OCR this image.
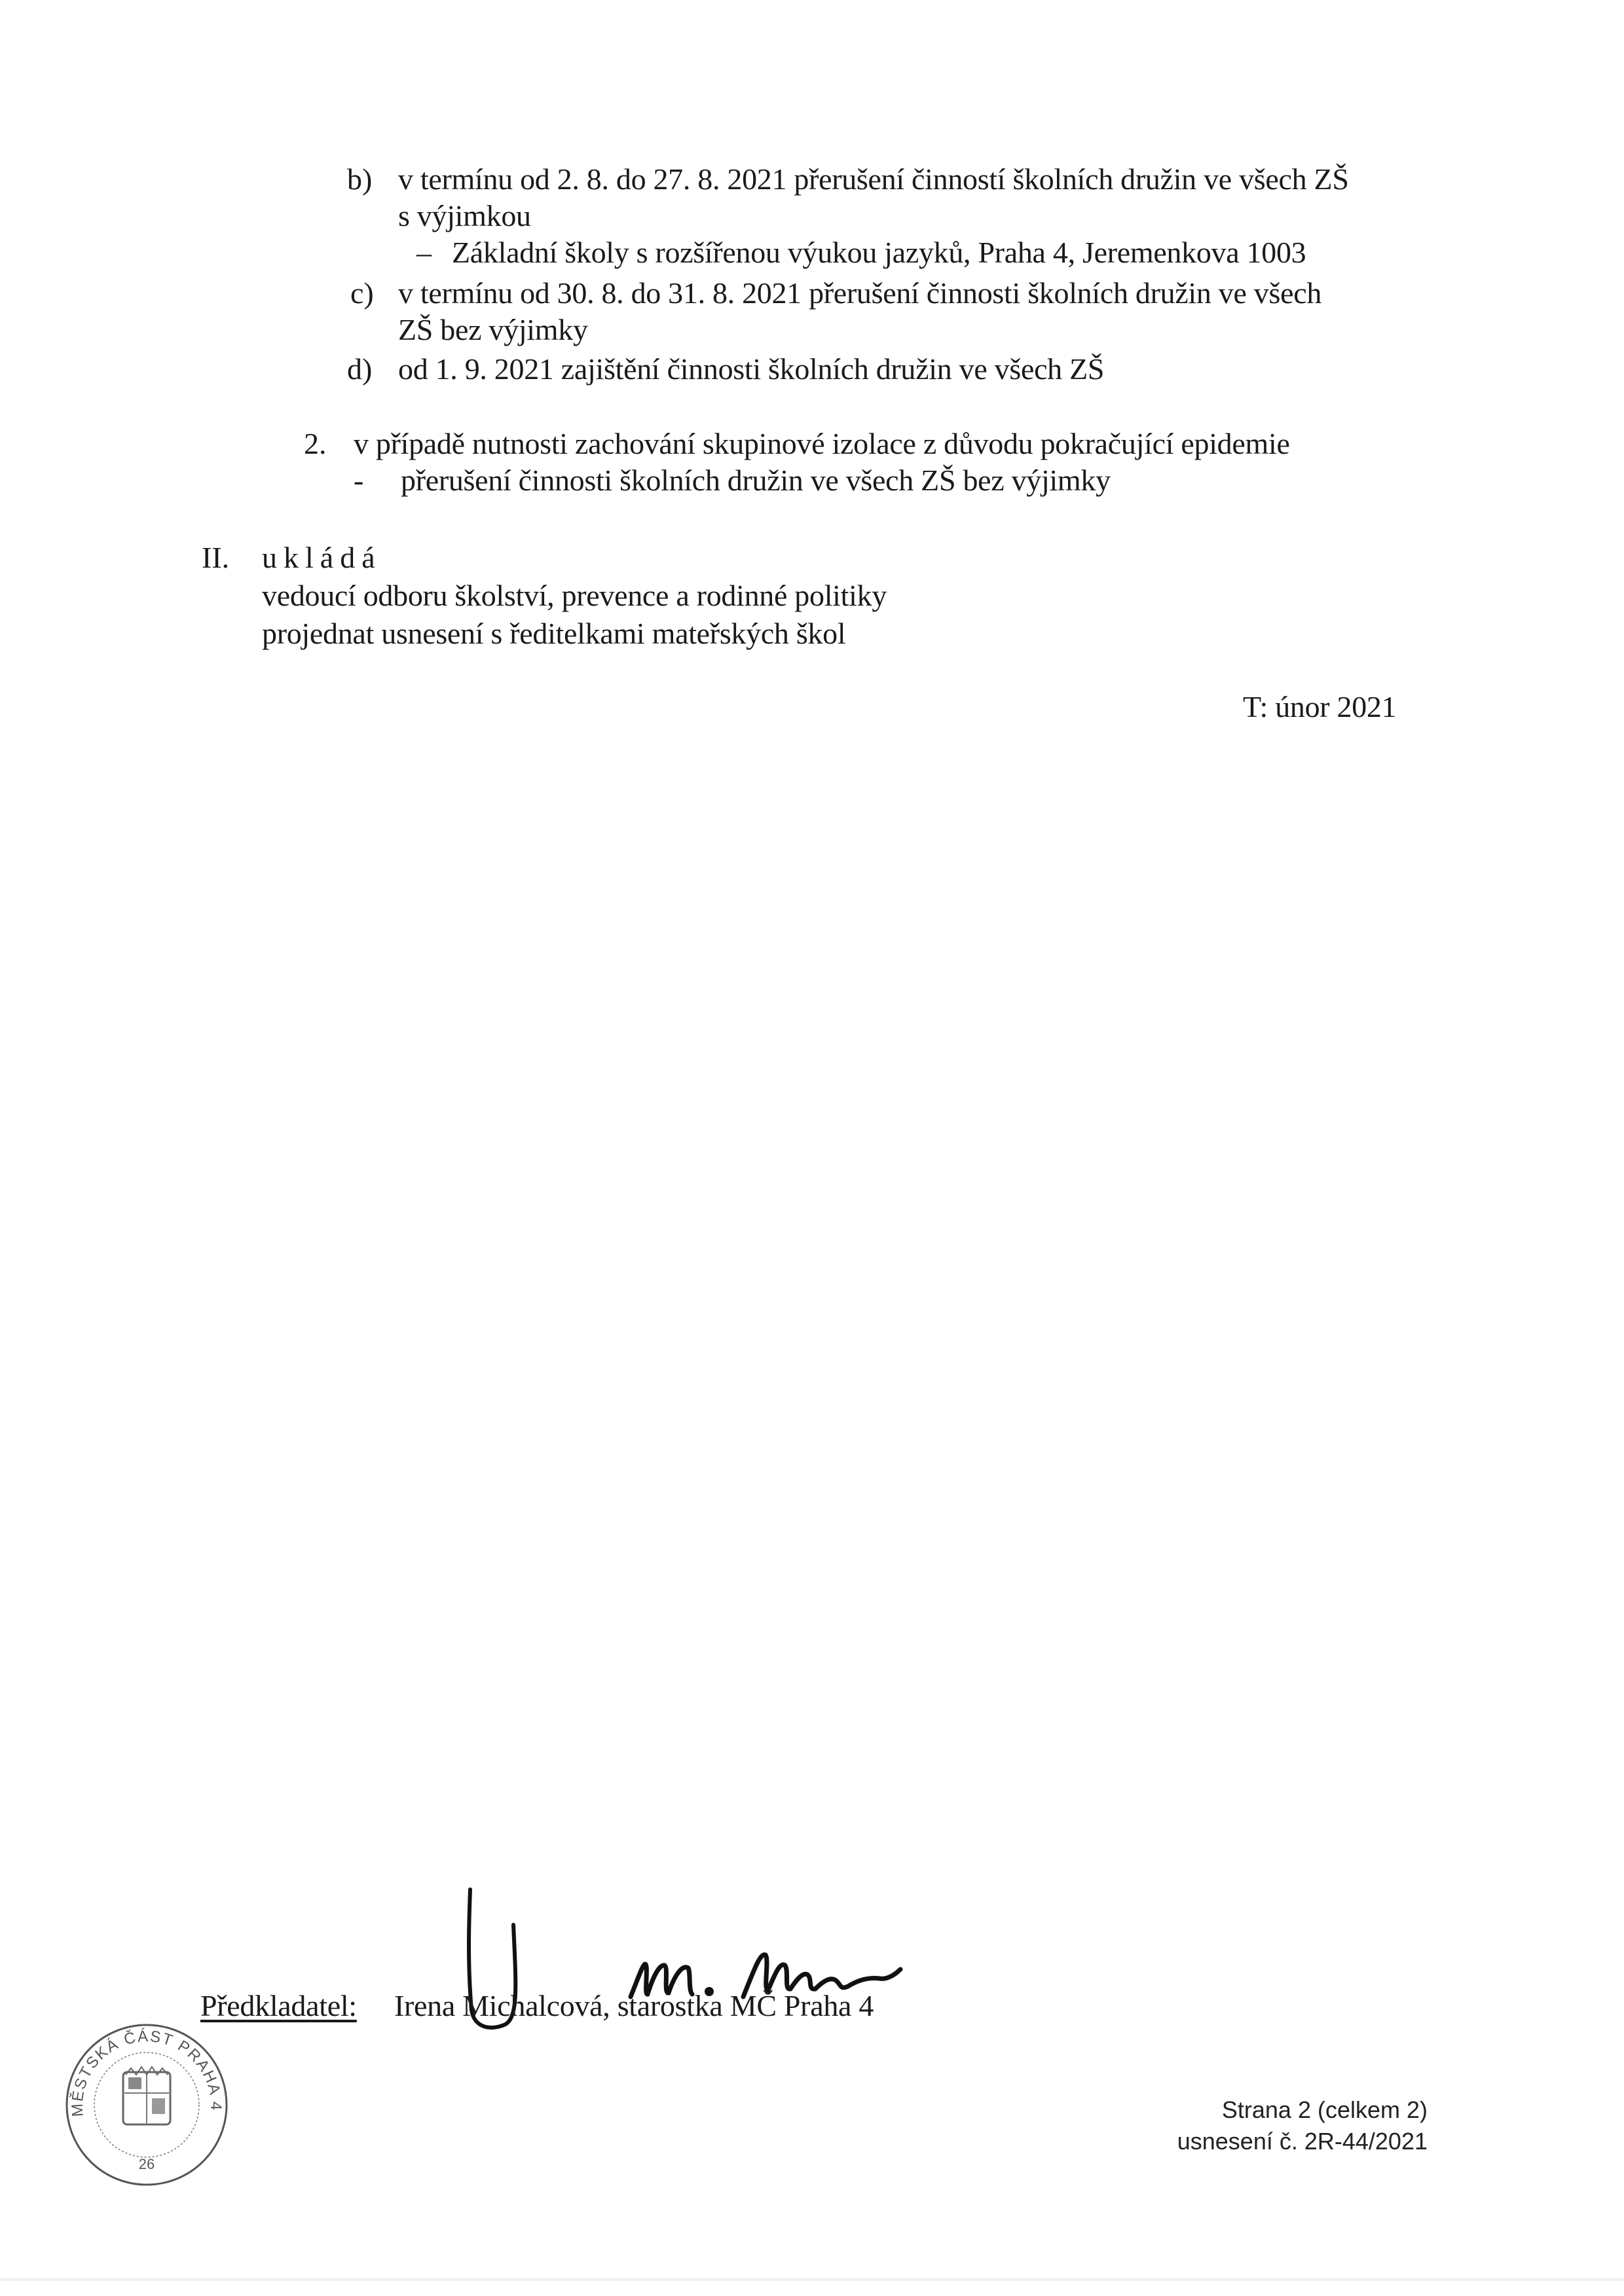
b) v termínu od 2. 8. do 27. 8. 2021 přerušení činností školních družin ve všech ZŠ
s výjimkou
– Základní školy s rozšířenou výukou jazyků, Praha 4, Jeremenkova 1003
c) v termínu od 30. 8. do 31. 8. 2021 přerušení činnosti školních družin ve všech
ZŠ bez výjimky
d) od 1. 9. 2021 zajištění činnosti školních družin ve všech ZŠ
2. v případě nutnosti zachování skupinové izolace z důvodu pokračující epidemie
- přerušení činnosti školních družin ve všech ZŠ bez výjimky
II. ukládá
vedoucí odboru školství, prevence a rodinné politiky
projednat usnesení s ředitelkami mateřských škol
T: únor 2021
Předkladatel: Irena Michalcová, starostka MČ Praha 4
MĚSTSKÁ ČÁST PRAHA 4
26
Strana 2 (celkem 2)
usnesení č. 2R-44/2021
